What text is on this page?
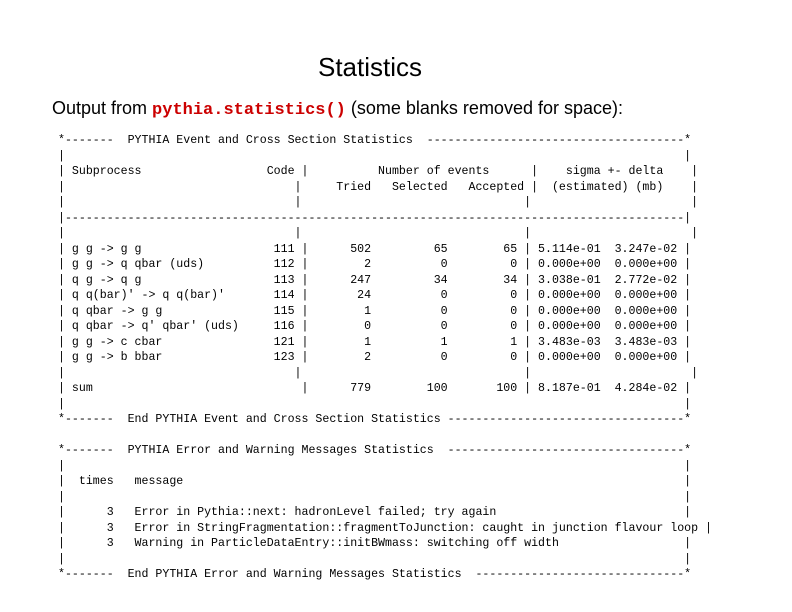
Statistics
Output from pythia.statistics() (some blanks removed for space):
*-------  PYTHIA Event and Cross Section Statistics  -------------------------------------*
|                                                                                         |
| Subprocess                  Code |          Number of events      |    sigma +- delta    |
|                                 |     Tried   Selected   Accepted |  (estimated) (mb)    |
|                                 |                                |                       |
|-----------------------------------------------------------------------------------------|
|                                 |                                |                       |
| g g -> g g                   111 |      502         65        65 | 5.114e-01  3.247e-02 |
| g g -> q qbar (uds)          112 |        2          0         0 | 0.000e+00  0.000e+00 |
| q g -> q g                   113 |      247         34        34 | 3.038e-01  2.772e-02 |
| q q(bar)' -> q q(bar)'       114 |       24          0         0 | 0.000e+00  0.000e+00 |
| q qbar -> g g                115 |        1          0         0 | 0.000e+00  0.000e+00 |
| q qbar -> q' qbar' (uds)     116 |        0          0         0 | 0.000e+00  0.000e+00 |
| g g -> c cbar                121 |        1          1         1 | 3.483e-03  3.483e-03 |
| g g -> b bbar                123 |        2          0         0 | 0.000e+00  0.000e+00 |
|                                 |                                |                       |
| sum                              |      779        100       100 | 8.187e-01  4.284e-02 |
|                                                                                         |
*-------  End PYTHIA Event and Cross Section Statistics ----------------------------------*

*-------  PYTHIA Error and Warning Messages Statistics  ----------------------------------*
|                                                                                         |
|  times   message                                                                        |
|                                                                                         |
|      3   Error in Pythia::next: hadronLevel failed; try again                           |
|      3   Error in StringFragmentation::fragmentToJunction: caught in junction flavour loop |
|      3   Warning in ParticleDataEntry::initBWmass: switching off width                  |
|                                                                                         |
*-------  End PYTHIA Error and Warning Messages Statistics  ------------------------------*
